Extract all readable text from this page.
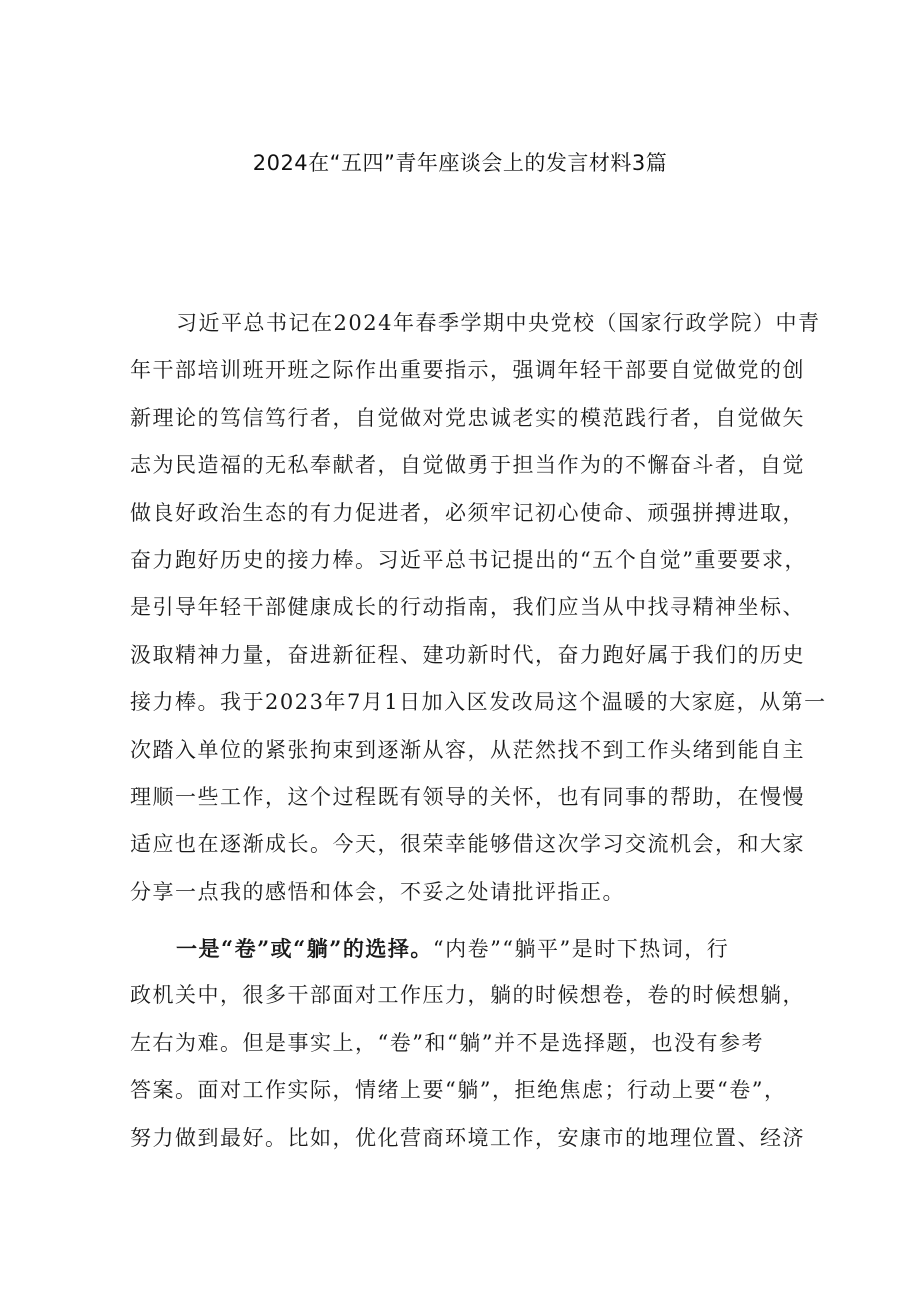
2024在“五四”青年座谈会上的发言材料3篇
习近平总书记在2024年春季学期中央党校（国家行政学院）中青
年干部培训班开班之际作出重要指示，强调年轻干部要自觉做党的创
新理论的笃信笃行者，自觉做对党忠诚老实的模范践行者，自觉做矢
志为民造福的无私奉献者，自觉做勇于担当作为的不懈奋斗者，自觉
做良好政治生态的有力促进者，必须牢记初心使命、顽强拼搏进取，
奋力跑好历史的接力棒。习近平总书记提出的“五个自觉”重要要求，
是引导年轻干部健康成长的行动指南，我们应当从中找寻精神坐标、
汲取精神力量，奋进新征程、建功新时代，奋力跑好属于我们的历史
接力棒。我于2023年7月1日加入区发改局这个温暖的大家庭，从第一
次踏入单位的紧张拘束到逐渐从容，从茫然找不到工作头绪到能自主
理顺一些工作，这个过程既有领导的关怀，也有同事的帮助，在慢慢
适应也在逐渐成长。今天，很荣幸能够借这次学习交流机会，和大家
分享一点我的感悟和体会，不妥之处请批评指正。
一是“卷”或“躺”的选择。“内卷”“躺平”是时下热词，行
政机关中，很多干部面对工作压力，躺的时候想卷，卷的时候想躺，
左右为难。但是事实上，“卷”和“躺”并不是选择题，也没有参考
答案。面对工作实际，情绪上要“躺”，拒绝焦虑；行动上要“卷”，
努力做到最好。比如，优化营商环境工作，安康市的地理位置、经济
